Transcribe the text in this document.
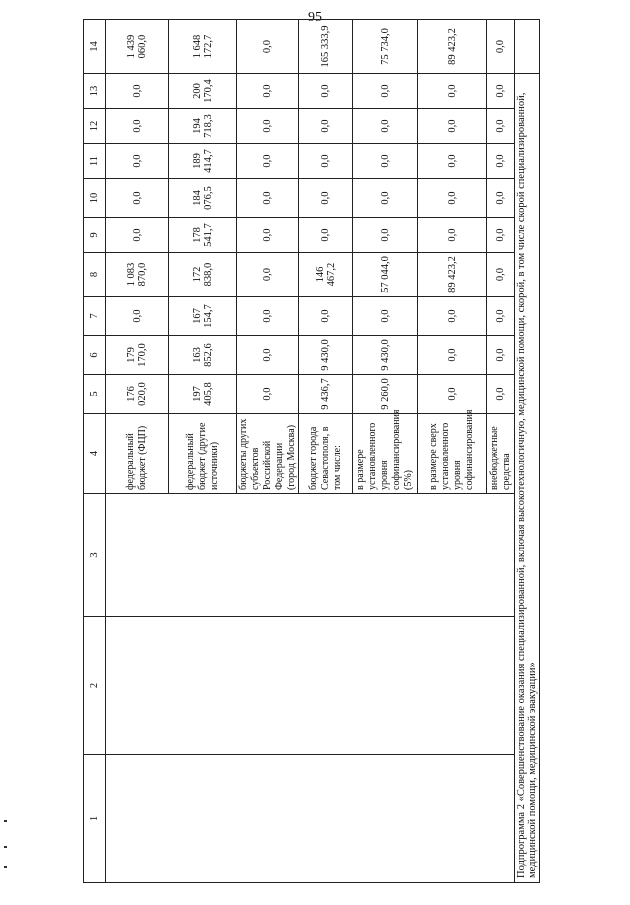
95
1	2	3	4	5	6	7	8	9	10	11	12	13	14
			федеральный бюджет (ФЦП)	176 020,0	179 170,0	0,0	1 083 870,0	0,0	0,0	0,0	0,0	0,0	1 439 060,0
			федеральный бюджет (другие источники)	197 405,8	163 852,6	167 154,7	172 838,0	178 541,7	184 076,5	189 414,7	194 718,3	200 170,4	1 648 172,7
			бюджеты других субъектов Российской Федерации (город Москва)	0,0	0,0	0,0	0,0	0,0	0,0	0,0	0,0	0,0	0,0
			бюджет города Севастополя, в том числе:	9 436,7	9 430,0	0,0	146 467,2	0,0	0,0	0,0	0,0	0,0	165 333,9
			в размере установленного уровня софинансирования (5%)	9 260,0	9 430,0	0,0	57 044,0	0,0	0,0	0,0	0,0	0,0	75 734,0
			в размере сверх установленного уровня софинансирования	0,0	0,0	0,0	89 423,2	0,0	0,0	0,0	0,0	0,0	89 423,2
			внебюджетные средства	0,0	0,0	0,0	0,0	0,0	0,0	0,0	0,0	0,0	0,0
Подпрограмма 2 «Совершенствование оказания специализированной, включая высокотехнологичную, медицинской помощи, скорой, в том числе скорой специализированной, медицинской помощи, медицинской эвакуации»													
